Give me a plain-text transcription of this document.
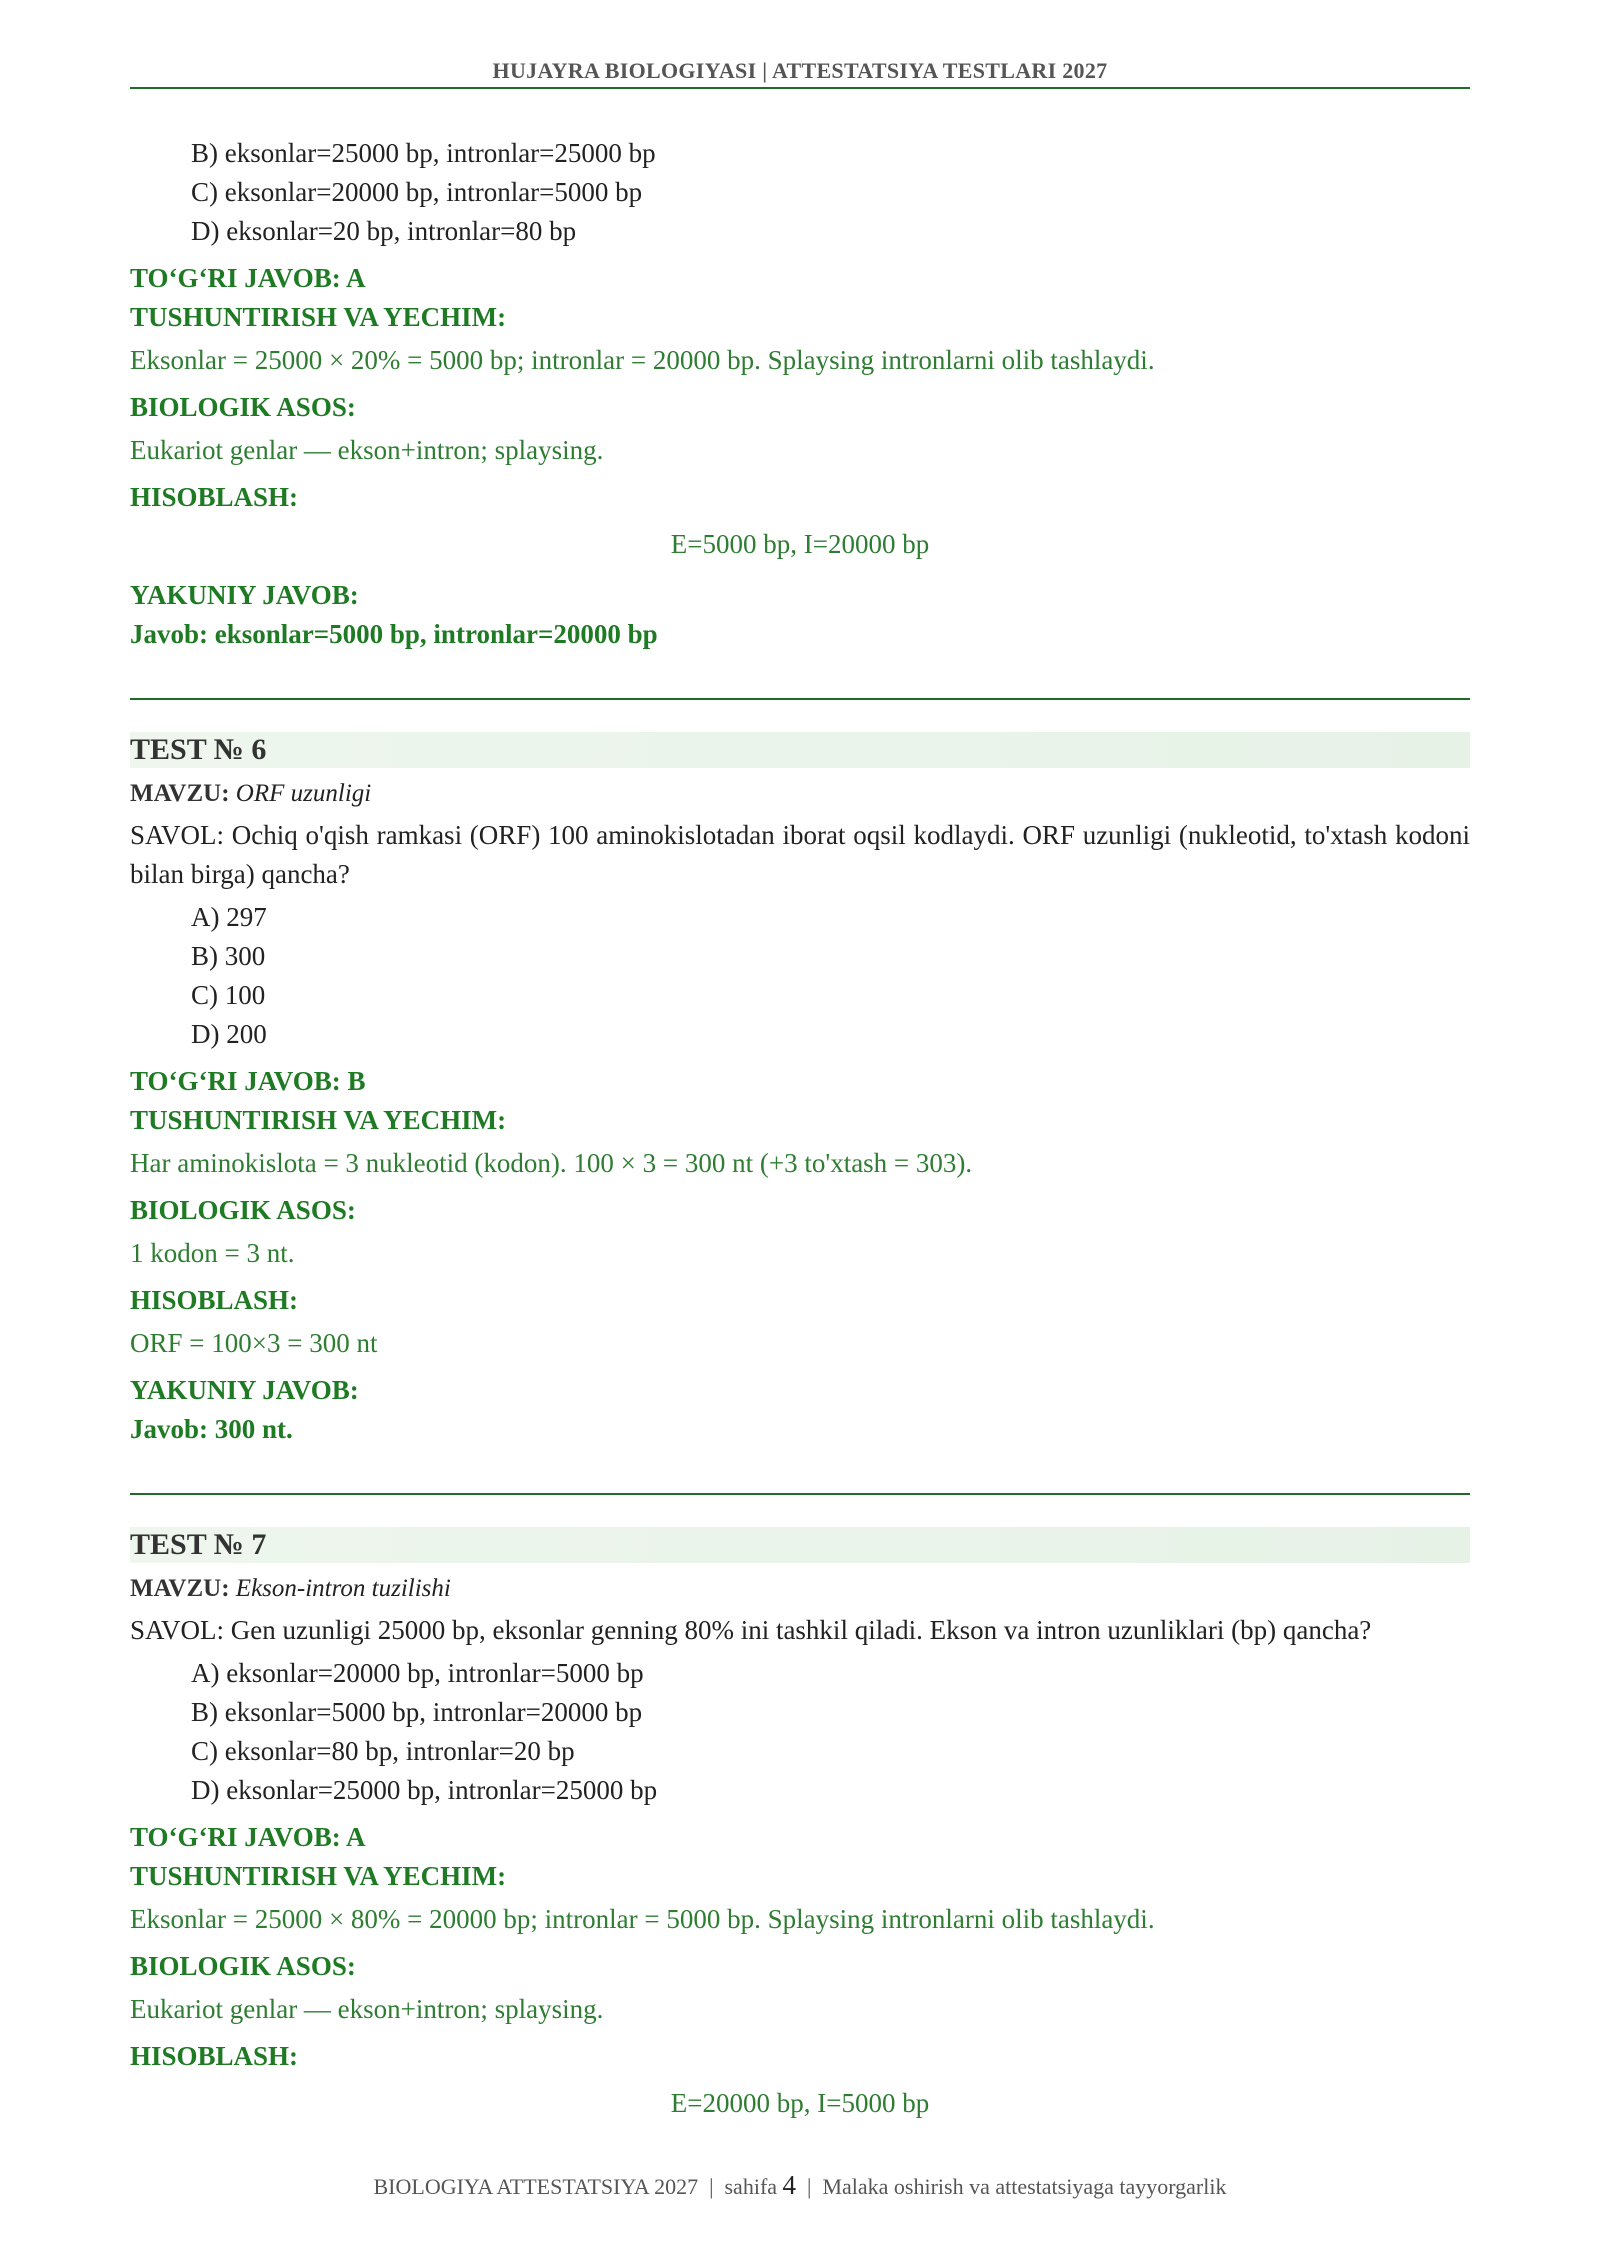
HUJAYRA BIOLOGIYASI | ATTESTATSIYA TESTLARI 2027
B) eksonlar=25000 bp, intronlar=25000 bp
C) eksonlar=20000 bp, intronlar=5000 bp
D) eksonlar=20 bp, intronlar=80 bp
TO‘G‘RI JAVOB: A
TUSHUNTIRISH VA YECHIM:
Eksonlar = 25000 × 20% = 5000 bp; intronlar = 20000 bp. Splaysing intronlarni olib tashlaydi.
BIOLOGIK ASOS:
Eukariot genlar — ekson+intron; splaysing.
HISOBLASH:
E=5000 bp, I=20000 bp
YAKUNIY JAVOB:
Javob: eksonlar=5000 bp, intronlar=20000 bp
TEST № 6
MAVZU: ORF uzunligi
SAVOL: Ochiq o'qish ramkasi (ORF) 100 aminokislotadan iborat oqsil kodlaydi. ORF uzunligi (nukleotid, to'xtash kodoni bilan birga) qancha?
A) 297
B) 300
C) 100
D) 200
TO‘G‘RI JAVOB: B
TUSHUNTIRISH VA YECHIM:
Har aminokislota = 3 nukleotid (kodon). 100 × 3 = 300 nt (+3 to'xtash = 303).
BIOLOGIK ASOS:
1 kodon = 3 nt.
HISOBLASH:
ORF = 100×3 = 300 nt
YAKUNIY JAVOB:
Javob: 300 nt.
TEST № 7
MAVZU: Ekson-intron tuzilishi
SAVOL: Gen uzunligi 25000 bp, eksonlar genning 80% ini tashkil qiladi. Ekson va intron uzunliklari (bp) qancha?
A) eksonlar=20000 bp, intronlar=5000 bp
B) eksonlar=5000 bp, intronlar=20000 bp
C) eksonlar=80 bp, intronlar=20 bp
D) eksonlar=25000 bp, intronlar=25000 bp
TO‘G‘RI JAVOB: A
TUSHUNTIRISH VA YECHIM:
Eksonlar = 25000 × 80% = 20000 bp; intronlar = 5000 bp. Splaysing intronlarni olib tashlaydi.
BIOLOGIK ASOS:
Eukariot genlar — ekson+intron; splaysing.
HISOBLASH:
E=20000 bp, I=5000 bp
BIOLOGIYA ATTESTATSIYA 2027 | sahifa 4 | Malaka oshirish va attestatsiyaga tayyorgarlik
